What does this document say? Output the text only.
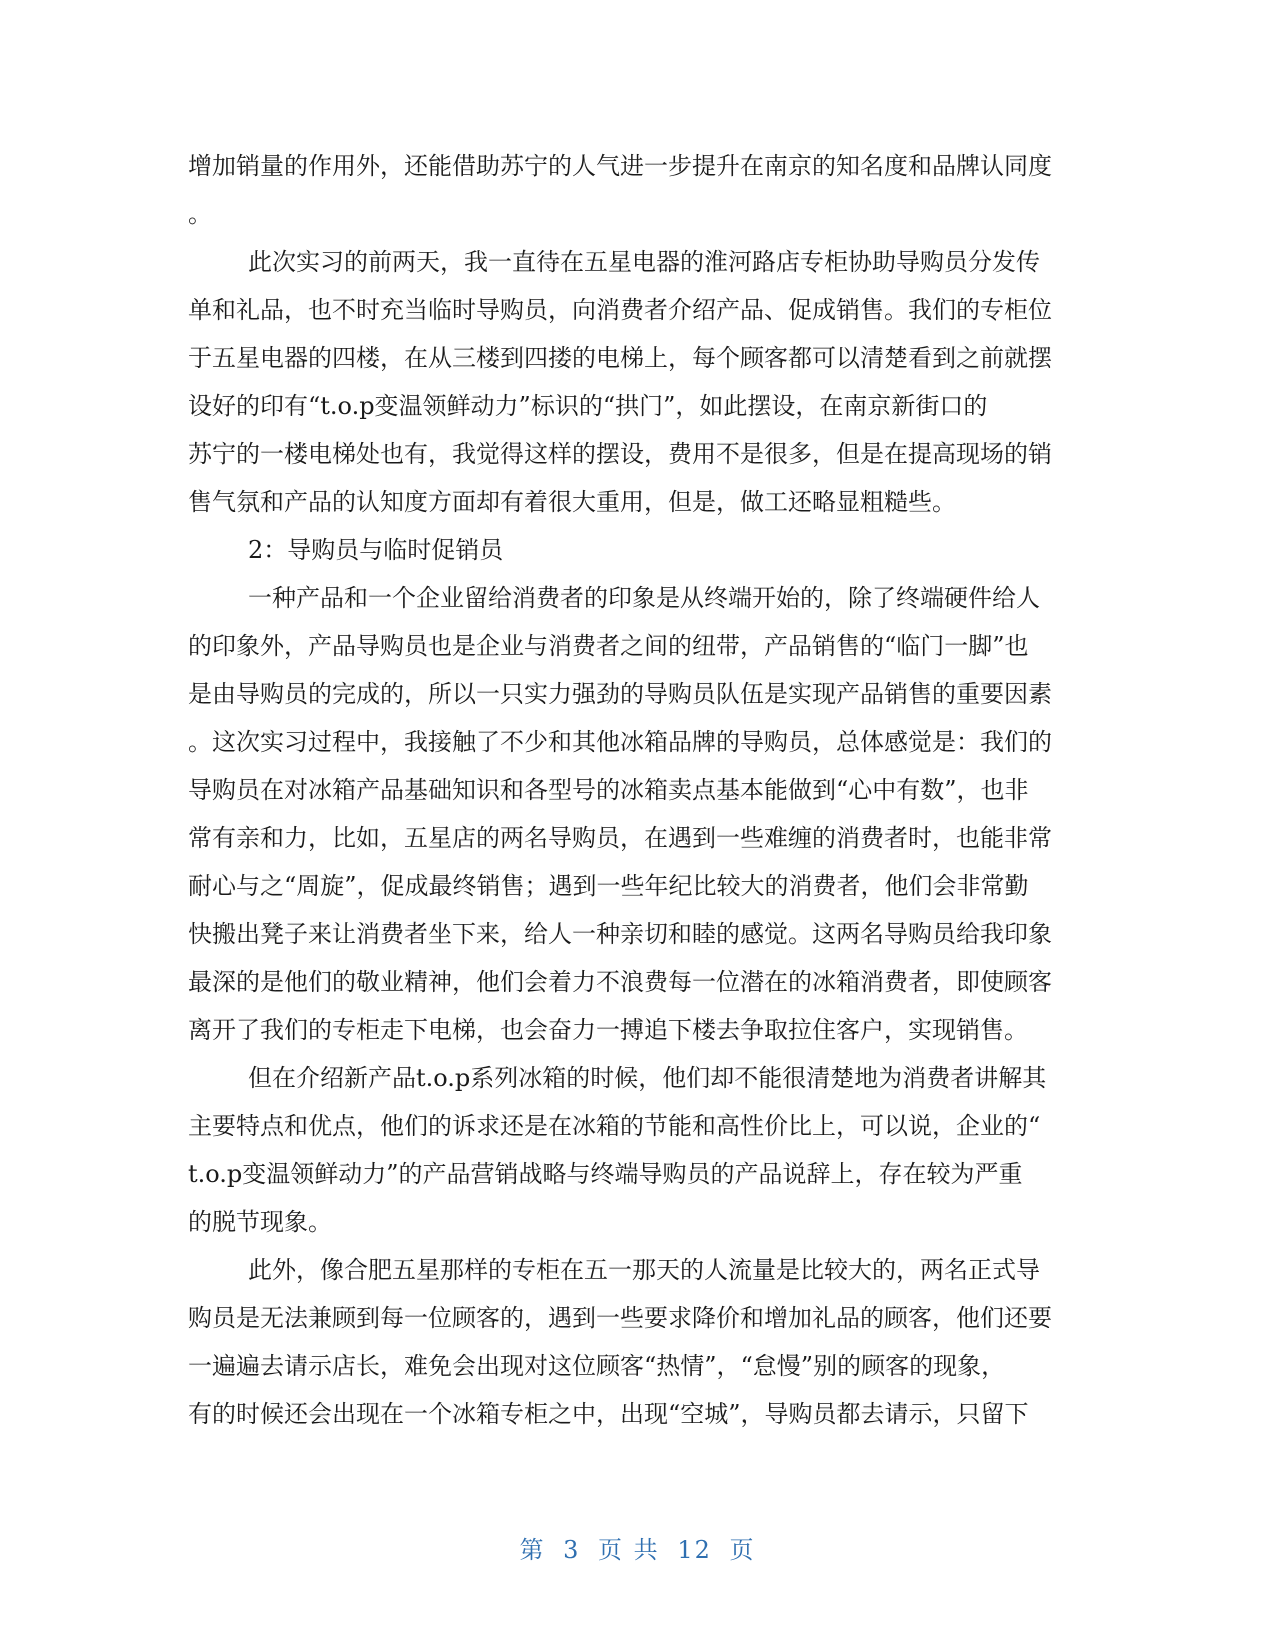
增加销量的作用外，还能借助苏宁的人气进一步提升在南京的知名度和品牌认同度
。
此次实习的前两天，我一直待在五星电器的淮河路店专柜协助导购员分发传
单和礼品，也不时充当临时导购员，向消费者介绍产品、促成销售。我们的专柜位
于五星电器的四楼，在从三楼到四搂的电梯上，每个顾客都可以清楚看到之前就摆
设好的印有“t.o.p变温领鲜动力”标识的“拱门”，如此摆设，在南京新街口的
苏宁的一楼电梯处也有，我觉得这样的摆设，费用不是很多，但是在提高现场的销
售气氛和产品的认知度方面却有着很大重用，但是，做工还略显粗糙些。
2：导购员与临时促销员
一种产品和一个企业留给消费者的印象是从终端开始的，除了终端硬件给人
的印象外，产品导购员也是企业与消费者之间的纽带，产品销售的“临门一脚”也
是由导购员的完成的，所以一只实力强劲的导购员队伍是实现产品销售的重要因素
。这次实习过程中，我接触了不少和其他冰箱品牌的导购员，总体感觉是：我们的
导购员在对冰箱产品基础知识和各型号的冰箱卖点基本能做到“心中有数”，也非
常有亲和力，比如，五星店的两名导购员，在遇到一些难缠的消费者时，也能非常
耐心与之“周旋”，促成最终销售；遇到一些年纪比较大的消费者，他们会非常勤
快搬出凳子来让消费者坐下来，给人一种亲切和睦的感觉。这两名导购员给我印象
最深的是他们的敬业精神，他们会着力不浪费每一位潜在的冰箱消费者，即使顾客
离开了我们的专柜走下电梯，也会奋力一搏追下楼去争取拉住客户，实现销售。
但在介绍新产品t.o.p系列冰箱的时候，他们却不能很清楚地为消费者讲解其
主要特点和优点，他们的诉求还是在冰箱的节能和高性价比上，可以说，企业的“
t.o.p变温领鲜动力”的产品营销战略与终端导购员的产品说辞上，存在较为严重
的脱节现象。
此外，像合肥五星那样的专柜在五一那天的人流量是比较大的，两名正式导
购员是无法兼顾到每一位顾客的，遇到一些要求降价和增加礼品的顾客，他们还要
一遍遍去请示店长，难免会出现对这位顾客“热情”，“怠慢”别的顾客的现象，
有的时候还会出现在一个冰箱专柜之中，出现“空城”，导购员都去请示，只留下
第 3 页 共 12 页
